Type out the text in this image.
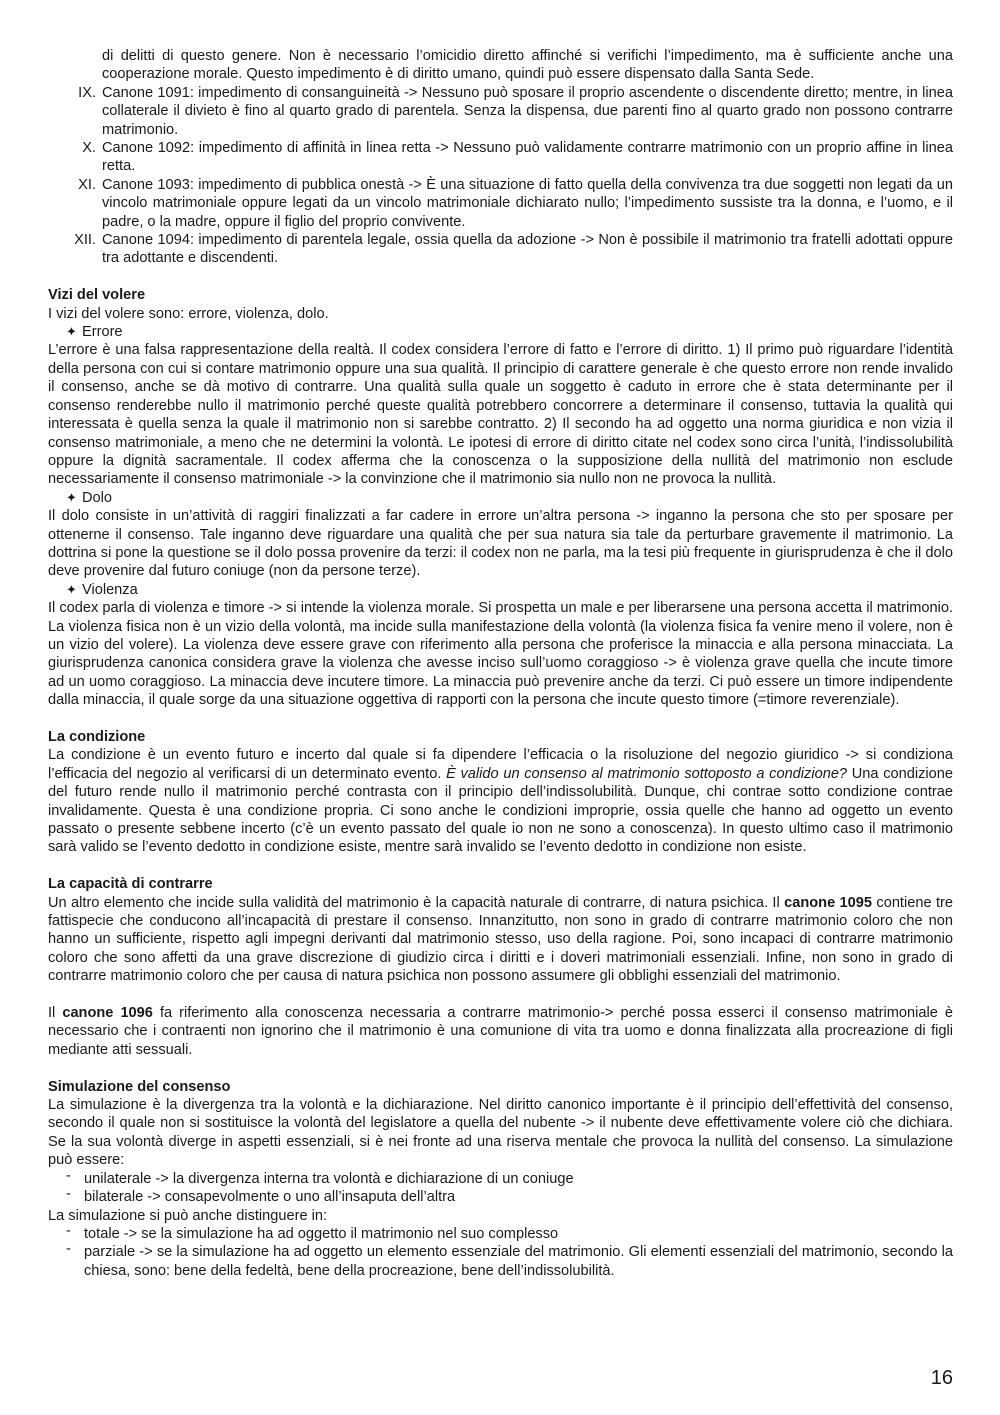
di delitti di questo genere. Non è necessario l’omicidio diretto affinché si verifichi l’impedimento, ma è sufficiente anche una cooperazione morale. Questo impedimento è di diritto umano, quindi può essere dispensato dalla Santa Sede.

IX. Canone 1091: impedimento di consanguineità -> Nessuno può sposare il proprio ascendente o discendente diretto; mentre, in linea collaterale il divieto è fino al quarto grado di parentela. Senza la dispensa, due parenti fino al quarto grado non possono contrarre matrimonio.
X. Canone 1092: impedimento di affinità in linea retta -> Nessuno può validamente contrarre matrimonio con un proprio affine in linea retta.
XI. Canone 1093: impedimento di pubblica onestà -> È una situazione di fatto quella della convivenza tra due soggetti non legati da un vincolo matrimoniale oppure legati da un vincolo matrimoniale dichiarato nullo; l’impedimento sussiste tra la donna, e l’uomo, e il padre, o la madre, oppure il figlio del proprio convivente.
XII. Canone 1094: impedimento di parentela legale, ossia quella da adozione -> Non è possibile il matrimonio tra fratelli adottati oppure tra adottante e discendenti.

Vizi del volere

I vizi del volere sono: errore, violenza, dolo.

✦ Errore

L’errore è una falsa rappresentazione della realtà. Il codex considera l’errore di fatto e l’errore di diritto. 1) Il primo può riguardare l’identità della persona con cui si contare matrimonio oppure una sua qualità. Il principio di carattere generale è che questo errore non rende invalido il consenso, anche se dà motivo di contrarre. Una qualità sulla quale un soggetto è caduto in errore che è stata determinante per il consenso renderebbe nullo il matrimonio perché queste qualità potrebbero concorrere a determinare il consenso, tuttavia la qualità qui interessata è quella senza la quale il matrimonio non si sarebbe contratto. 2) Il secondo ha ad oggetto una norma giuridica e non vizia il consenso matrimoniale, a meno che ne determini la volontà. Le ipotesi di errore di diritto citate nel codex sono circa l’unità, l’indissolubilità oppure la dignità sacramentale. Il codex afferma che la conoscenza o la supposizione della nullità del matrimonio non esclude necessariamente il consenso matrimoniale -> la convinzione che il matrimonio sia nullo non ne provoca la nullità.

✦ Dolo

Il dolo consiste in un’attività di raggiri finalizzati a far cadere in errore un’altra persona -> inganno la persona che sto per sposare per ottenerne il consenso. Tale inganno deve riguardare una qualità che per sua natura sia tale da perturbare gravemente il matrimonio. La dottrina si pone la questione se il dolo possa provenire da terzi: il codex non ne parla, ma la tesi più frequente in giurisprudenza è che il dolo deve provenire dal futuro coniuge (non da persone terze).

✦ Violenza

Il codex parla di violenza e timore -> si intende la violenza morale. Si prospetta un male e per liberarsene una persona accetta il matrimonio. La violenza fisica non è un vizio della volontà, ma incide sulla manifestazione della volontà (la violenza fisica fa venire meno il volere, non è un vizio del volere). La violenza deve essere grave con riferimento alla persona che proferisce la minaccia e alla persona minacciata. La giurisprudenza canonica considera grave la violenza che avesse inciso sull’uomo coraggioso -> è violenza grave quella che incute timore ad un uomo coraggioso. La minaccia deve incutere timore. La minaccia può prevenire anche da terzi. Ci può essere un timore indipendente dalla minaccia, il quale sorge da una situazione oggettiva di rapporti con la persona che incute questo timore (=timore reverenziale).

La condizione

La condizione è un evento futuro e incerto dal quale si fa dipendere l’efficacia o la risoluzione del negozio giuridico -> si condiziona l’efficacia del negozio al verificarsi di un determinato evento. È valido un consenso al matrimonio sottoposto a condizione? Una condizione del futuro rende nullo il matrimonio perché contrasta con il principio dell’indissolubilità. Dunque, chi contrae sotto condizione contrae invalidamente. Questa è una condizione propria. Ci sono anche le condizioni improprie, ossia quelle che hanno ad oggetto un evento passato o presente sebbene incerto (c’è un evento passato del quale io non ne sono a conoscenza). In questo ultimo caso il matrimonio sarà valido se l’evento dedotto in condizione esiste, mentre sarà invalido se l’evento dedotto in condizione non esiste.

La capacità di contrarre

Un altro elemento che incide sulla validità del matrimonio è la capacità naturale di contrarre, di natura psichica. Il canone 1095 contiene tre fattispecie che conducono all’incapacità di prestare il consenso. Innanzitutto, non sono in grado di contrarre matrimonio coloro che non hanno un sufficiente, rispetto agli impegni derivanti dal matrimonio stesso, uso della ragione. Poi, sono incapaci di contrarre matrimonio coloro che sono affetti da una grave discrezione di giudizio circa i diritti e i doveri matrimoniali essenziali. Infine, non sono in grado di contrarre matrimonio coloro che per causa di natura psichica non possono assumere gli obblighi essenziali del matrimonio.

Il canone 1096 fa riferimento alla conoscenza necessaria a contrarre matrimonio-> perché possa esserci il consenso matrimoniale è necessario che i contraenti non ignorino che il matrimonio è una comunione di vita tra uomo e donna finalizzata alla procreazione di figli mediante atti sessuali.

Simulazione del consenso

La simulazione è la divergenza tra la volontà e la dichiarazione. Nel diritto canonico importante è il principio dell’effettività del consenso, secondo il quale non si sostituisce la volontà del legislatore a quella del nubente -> il nubente deve effettivamente volere ciò che dichiara. Se la sua volontà diverge in aspetti essenziali, si è nei fronte ad una riserva mentale che provoca la nullità del consenso. La simulazione può essere:

- unilaterale -> la divergenza interna tra volontà e dichiarazione di un coniuge
- bilaterale -> consapevolmente o uno all’insaputa dell’altra

La simulazione si può anche distinguere in:

- totale -> se la simulazione ha ad oggetto il matrimonio nel suo complesso
- parziale -> se la simulazione ha ad oggetto un elemento essenziale del matrimonio. Gli elementi essenziali del matrimonio, secondo la chiesa, sono: bene della fedeltà, bene della procreazione, bene dell’indissolubilità.
16
